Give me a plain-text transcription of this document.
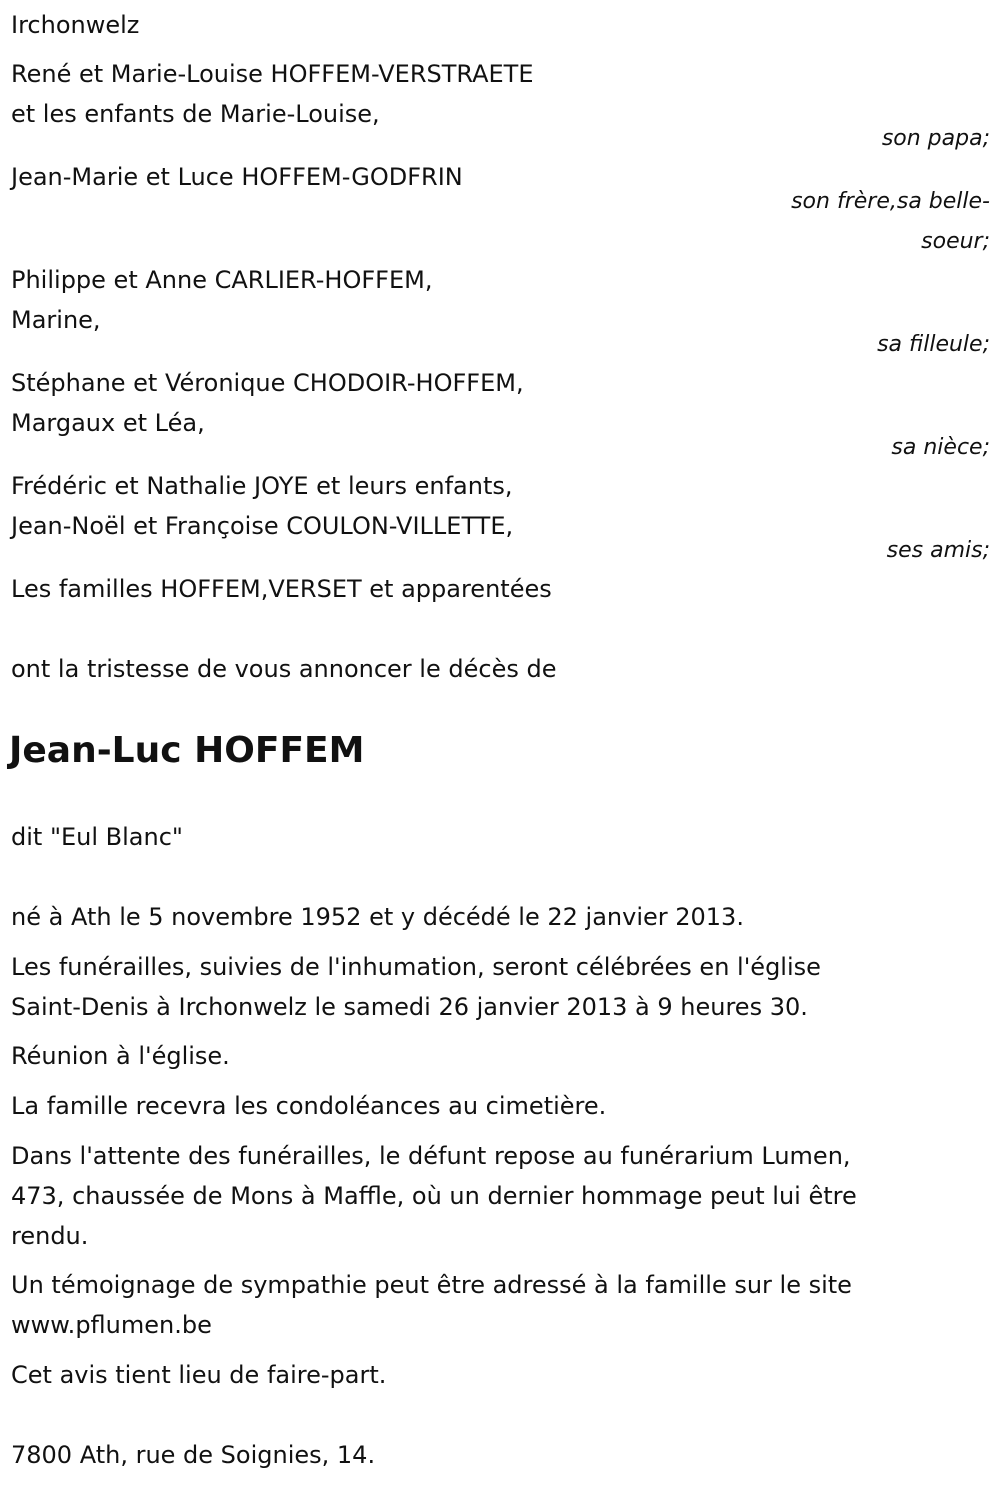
Irchonwelz
René et Marie-Louise HOFFEM-VERSTRAETE
et les enfants de Marie-Louise,
son papa;
Jean-Marie et Luce HOFFEM-GODFRIN
son frère,sa belle-
soeur;
Philippe et Anne CARLIER-HOFFEM,
Marine,
sa filleule;
Stéphane et Véronique CHODOIR-HOFFEM,
Margaux et Léa,
sa nièce;
Frédéric et Nathalie JOYE et leurs enfants,
Jean-Noël et Françoise COULON-VILLETTE,
ses amis;
Les familles HOFFEM,VERSET et apparentées
ont la tristesse de vous annoncer le décès de
Jean-Luc HOFFEM
dit "Eul Blanc"
né à Ath le 5 novembre 1952 et y décédé le 22 janvier 2013.
Les funérailles, suivies de l'inhumation, seront célébrées en l'église
Saint-Denis à Irchonwelz le samedi 26 janvier 2013 à 9 heures 30.
Réunion à l'église.
La famille recevra les condoléances au cimetière.
Dans l'attente des funérailles, le défunt repose au funérarium Lumen,
473, chaussée de Mons à Maffle, où un dernier hommage peut lui être
rendu.
Un témoignage de sympathie peut être adressé à la famille sur le site
www.pflumen.be
Cet avis tient lieu de faire-part.
7800 Ath, rue de Soignies, 14.
